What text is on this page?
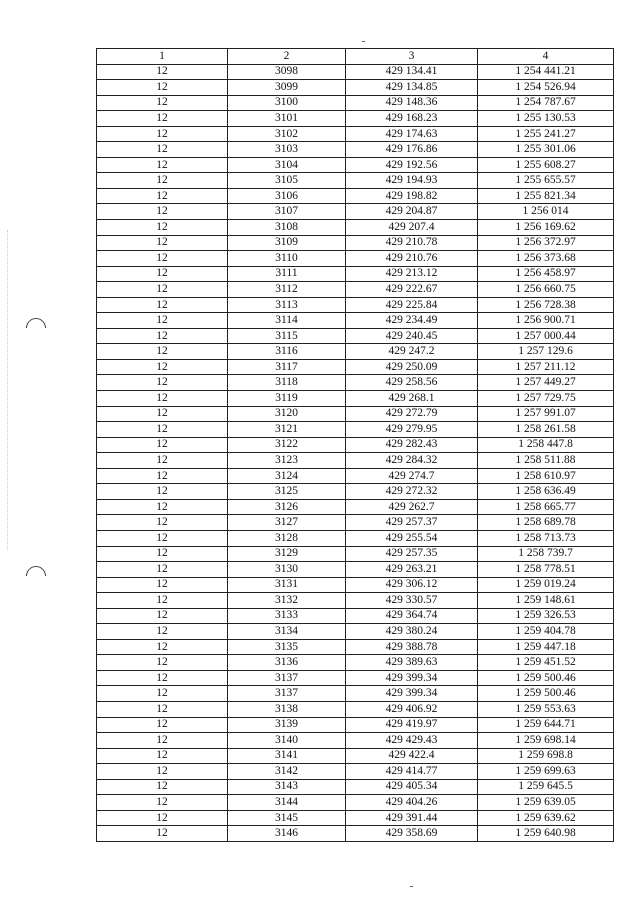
1	2	3	4
12	3098	429 134.41	1 254 441.21
12	3099	429 134.85	1 254 526.94
12	3100	429 148.36	1 254 787.67
12	3101	429 168.23	1 255 130.53
12	3102	429 174.63	1 255 241.27
12	3103	429 176.86	1 255 301.06
12	3104	429 192.56	1 255 608.27
12	3105	429 194.93	1 255 655.57
12	3106	429 198.82	1 255 821.34
12	3107	429 204.87	1 256 014
12	3108	429 207.4	1 256 169.62
12	3109	429 210.78	1 256 372.97
12	3110	429 210.76	1 256 373.68
12	3111	429 213.12	1 256 458.97
12	3112	429 222.67	1 256 660.75
12	3113	429 225.84	1 256 728.38
12	3114	429 234.49	1 256 900.71
12	3115	429 240.45	1 257 000.44
12	3116	429 247.2	1 257 129.6
12	3117	429 250.09	1 257 211.12
12	3118	429 258.56	1 257 449.27
12	3119	429 268.1	1 257 729.75
12	3120	429 272.79	1 257 991.07
12	3121	429 279.95	1 258 261.58
12	3122	429 282.43	1 258 447.8
12	3123	429 284.32	1 258 511.88
12	3124	429 274.7	1 258 610.97
12	3125	429 272.32	1 258 636.49
12	3126	429 262.7	1 258 665.77
12	3127	429 257.37	1 258 689.78
12	3128	429 255.54	1 258 713.73
12	3129	429 257.35	1 258 739.7
12	3130	429 263.21	1 258 778.51
12	3131	429 306.12	1 259 019.24
12	3132	429 330.57	1 259 148.61
12	3133	429 364.74	1 259 326.53
12	3134	429 380.24	1 259 404.78
12	3135	429 388.78	1 259 447.18
12	3136	429 389.63	1 259 451.52
12	3137	429 399.34	1 259 500.46
12	3137	429 399.34	1 259 500.46
12	3138	429 406.92	1 259 553.63
12	3139	429 419.97	1 259 644.71
12	3140	429 429.43	1 259 698.14
12	3141	429 422.4	1 259 698.8
12	3142	429 414.77	1 259 699.63
12	3143	429 405.34	1 259 645.5
12	3144	429 404.26	1 259 639.05
12	3145	429 391.44	1 259 639.62
12	3146	429 358.69	1 259 640.98
